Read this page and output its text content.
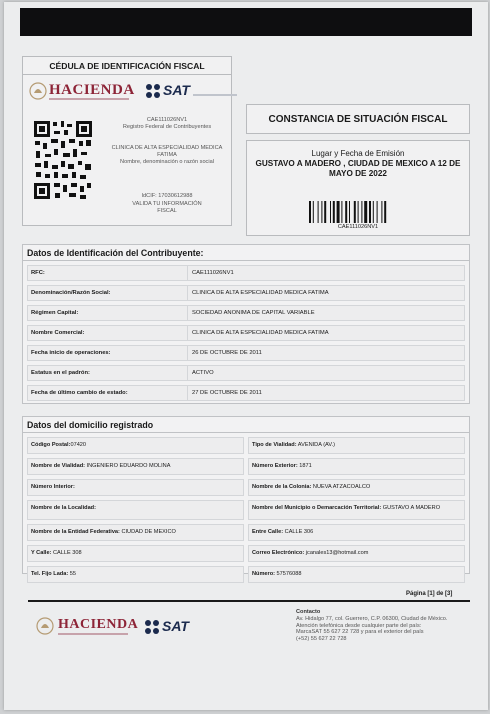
CÉDULA DE IDENTIFICACIÓN FISCAL
HACIENDA SAT
CAE111026NV1
Registro Federal de Contribuyentes
CLINICA DE ALTA ESPECIALIDAD MEDICA FATIMA
Nombre, denominación o razón social
IdCIF: 17030612988
VALIDA TU INFORMACIÓN FISCAL
CONSTANCIA DE SITUACIÓN FISCAL
Lugar y Fecha de Emisión
GUSTAVO A MADERO , CIUDAD DE MEXICO A 12 DE MAYO DE 2022
CAE111026NV1
Datos de Identificación del Contribuyente:
RFC:	CAE111026NV1
Denominación/Razón Social:	CLINICA DE ALTA ESPECIALIDAD MEDICA FATIMA
Régimen Capital:	SOCIEDAD ANONIMA DE CAPITAL VARIABLE
Nombre Comercial:	CLINICA DE ALTA ESPECIALIDAD MEDICA FATIMA
Fecha inicio de operaciones:	26 DE OCTUBRE DE 2011
Estatus en el padrón:	ACTIVO
Fecha de último cambio de estado:	27 DE OCTUBRE DE 2011
Datos del domicilio registrado
Código Postal:07420	Tipo de Vialidad: AVENIDA (AV.)
Nombre de Vialidad: INGENIERO EDUARDO MOLINA	Número Exterior: 1871
Número Interior:	Nombre de la Colonia: NUEVA ATZACOALCO
Nombre de la Localidad:	Nombre del Municipio o Demarcación Territorial: GUSTAVO A MADERO
Nombre de la Entidad Federativa: CIUDAD DE MEXICO	Entre Calle: CALLE 306
Y Calle: CALLE 308	Correo Electrónico: jcanales13@hotmail.com
Tel. Fijo Lada: 55	Número: 57576088
Página [1] de [3]
HACIENDA SAT
Contacto
Av. Hidalgo 77, col. Guerrero, C.P. 06300, Ciudad de México.
Atención telefónica desde cualquier parte del país:
MarcaSAT 55 627 22 728 y para el exterior del país
(+52) 55 627 22 728
